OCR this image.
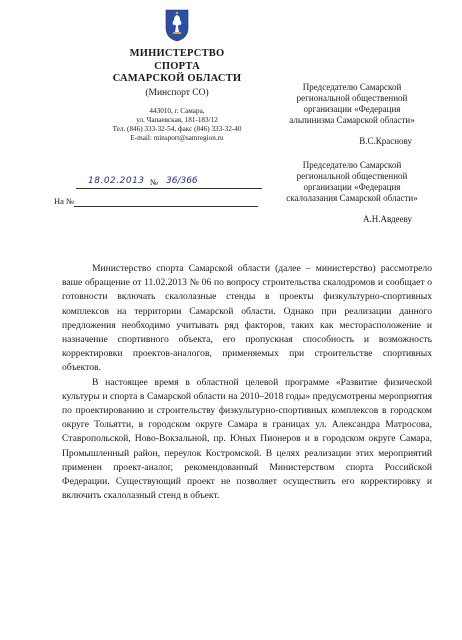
МИНИСТЕРСТВО
СПОРТА
САМАРСКОЙ ОБЛАСТИ
(Минспорт СО)
443010, г. Самара,
ул. Чапаевская, 181-183/12
Тел. (846) 333-32-54, факс (846) 333-32-40
E-mail: minsport@samregion.ru
18.02.2013 № 36/366
На №
Председателю Самарской
региональной общественной
организации «Федерация
альпинизма Самарской области»
В.С.Краснову
Председателю Самарской
региональной общественной
организации «Федерация
скалолазания Самарской области»
А.Н.Авдееву

Министерство спорта Самарской области (далее – министерство) рассмотрело ваше обращение от 11.02.2013 № 06 по вопросу строительства скалодромов и сообщает о готовности включать скалолазные стенды в проекты физкультурно-спортивных комплексов на территории Самарской области. Однако при реализации данного предложения необходимо учитывать ряд факторов, таких как месторасположение и назначение спортивного объекта, его пропускная способность и возможность корректировки проектов-аналогов, применяемых при строительстве спортивных объектов.

В настоящее время в областной целевой программе «Развитие физической культуры и спорта в Самарской области на 2010–2018 годы» предусмотрены мероприятия по проектированию и строительству физкультурно-спортивных комплексов в городском округе Тольятти, в городском округе Самара в границах ул. Александра Матросова, Ставропольской, Ново-Вокзальной, пр. Юных Пионеров и в городском округе Самара, Промышленный район, переулок Костромской. В целях реализации этих мероприятий применен проект-аналог, рекомендованный Министерством спорта Российской Федерации. Существующий проект не позволяет осуществить его корректировку и включить скалолазный стенд в объект.
